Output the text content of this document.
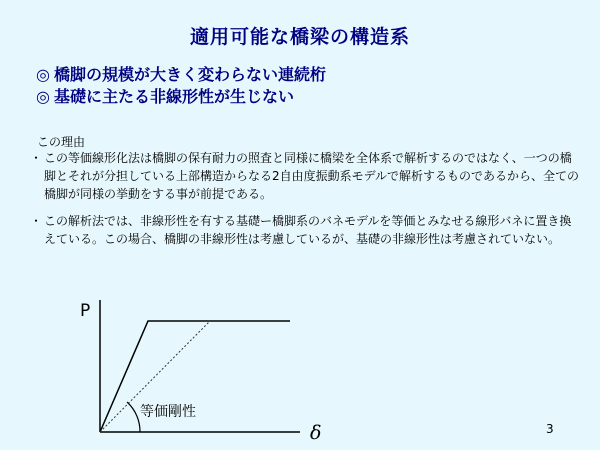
適用可能な橋梁の構造系
◎ 橋脚の規模が大きく変わらない連続桁
◎ 基礎に主たる非線形性が生じない
この理由
・ この等価線形化法は橋脚の保有耐力の照査と同様に橋梁を全体系で解析するのではなく、一つの橋脚とそれが分担している上部構造からなる2自由度振動系モデルで解析するものであるから、全ての橋脚が同様の挙動をする事が前提である。
・ この解析法では、非線形性を有する基礎ー橋脚系のバネモデルを等価とみなせる線形バネに置き換えている。この場合、橋脚の非線形性は考慮しているが、基礎の非線形性は考慮されていない。
P
等価剛性
δ	3
